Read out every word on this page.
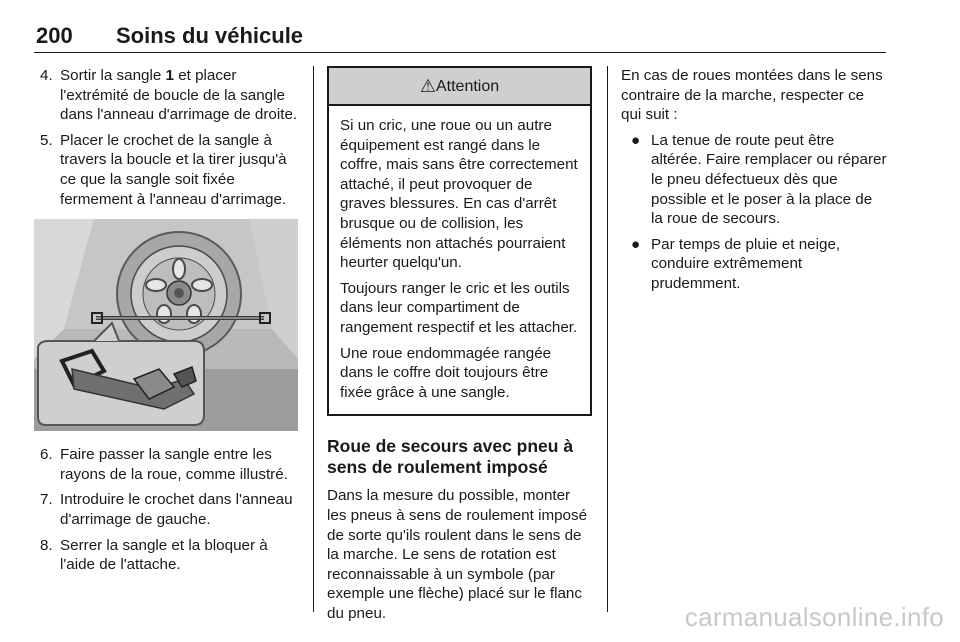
200 Soins du véhicule
4. Sortir la sangle 1 et placer l'extrémité de boucle de la sangle dans l'anneau d'arrimage de droite.
5. Placer le crochet de la sangle à travers la boucle et la tirer jusqu'à ce que la sangle soit fixée fermement à l'anneau d'arrimage.
6. Faire passer la sangle entre les rayons de la roue, comme illustré.
7. Introduire le crochet dans l'anneau d'arrimage de gauche.
8. Serrer la sangle et la bloquer à l'aide de l'attache.
⚠Attention

Si un cric, une roue ou un autre équipement est rangé dans le coffre, mais sans être correctement attaché, il peut provoquer de graves blessures. En cas d'arrêt brusque ou de collision, les éléments non attachés pourraient heurter quelqu'un.

Toujours ranger le cric et les outils dans leur compartiment de rangement respectif et les attacher.

Une roue endommagée rangée dans le coffre doit toujours être fixée grâce à une sangle.

Roue de secours avec pneu à sens de roulement imposé

Dans la mesure du possible, monter les pneus à sens de roulement imposé de sorte qu'ils roulent dans le sens de la marche. Le sens de rotation est reconnaissable à un symbole (par exemple une flèche) placé sur le flanc du pneu.

En cas de roues montées dans le sens contraire de la marche, respecter ce qui suit :

● La tenue de route peut être altérée. Faire remplacer ou réparer le pneu défectueux dès que possible et le poser à la place de la roue de secours.
● Par temps de pluie et neige, conduire extrêmement prudemment.
carmanualsonline.info
